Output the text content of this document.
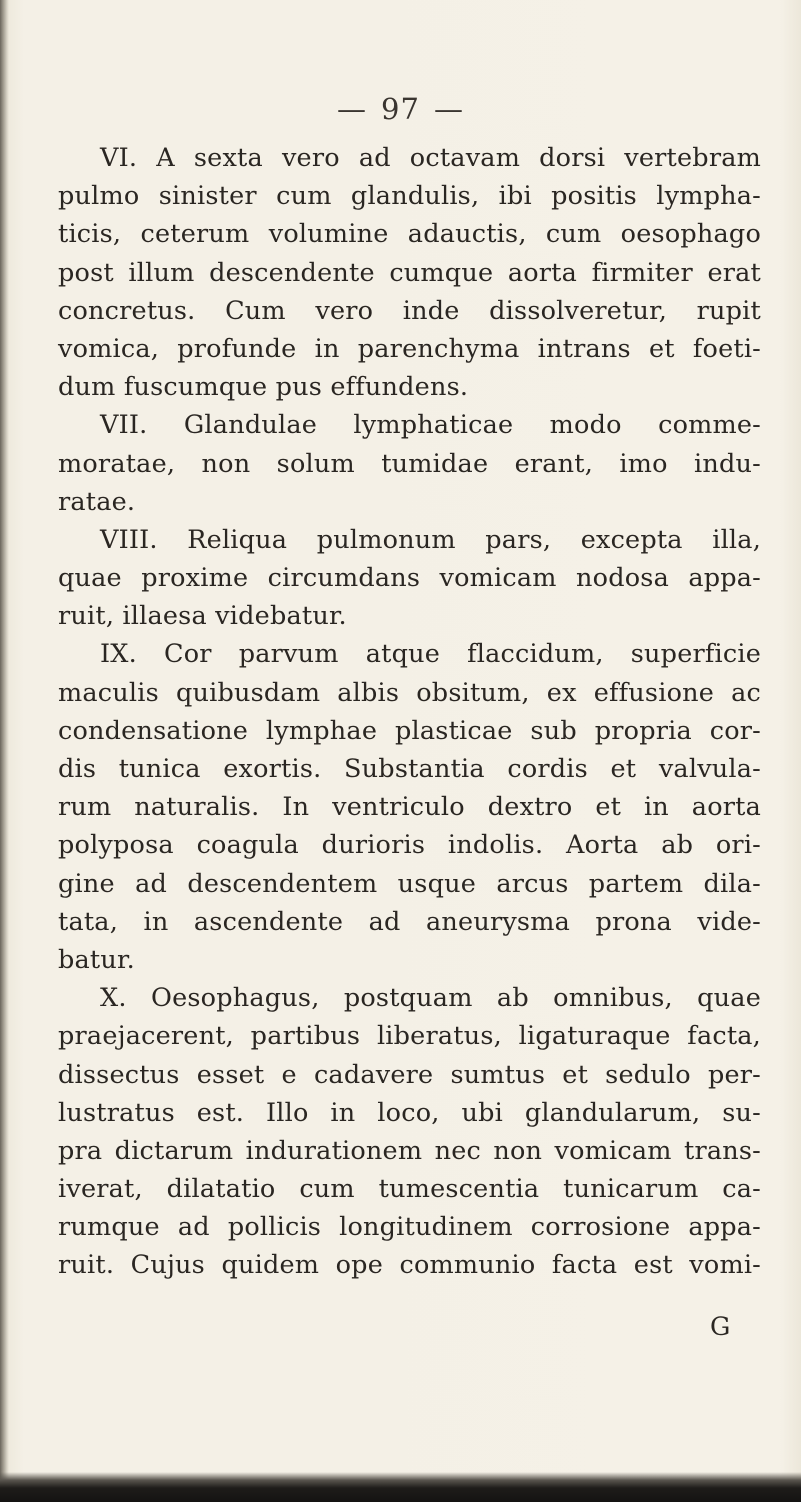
— 97 —
VI. A sexta vero ad octavam dorsi vertebram
pulmo sinister cum glandulis, ibi positis lympha-
ticis, ceterum volumine adauctis, cum oesophago
post illum descendente cumque aorta firmiter erat
concretus. Cum vero inde dissolveretur, rupit
vomica, profunde in parenchyma intrans et foeti-
dum fuscumque pus effundens.
VII. Glandulae lymphaticae modo comme-
moratae, non solum tumidae erant, imo indu-
ratae.
VIII. Reliqua pulmonum pars, excepta illa,
quae proxime circumdans vomicam nodosa appa-
ruit, illaesa videbatur.
IX. Cor parvum atque flaccidum, superficie
maculis quibusdam albis obsitum, ex effusione ac
condensatione lymphae plasticae sub propria cor-
dis tunica exortis. Substantia cordis et valvula-
rum naturalis. In ventriculo dextro et in aorta
polyposa coagula durioris indolis. Aorta ab ori-
gine ad descendentem usque arcus partem dila-
tata, in ascendente ad aneurysma prona vide-
batur.
X. Oesophagus, postquam ab omnibus, quae
praejacerent, partibus liberatus, ligaturaque facta,
dissectus esset e cadavere sumtus et sedulo per-
lustratus est. Illo in loco, ubi glandularum, su-
pra dictarum indurationem nec non vomicam trans-
iverat, dilatatio cum tumescentia tunicarum ca-
rumque ad pollicis longitudinem corrosione appa-
ruit. Cujus quidem ope communio facta est vomi-
G
